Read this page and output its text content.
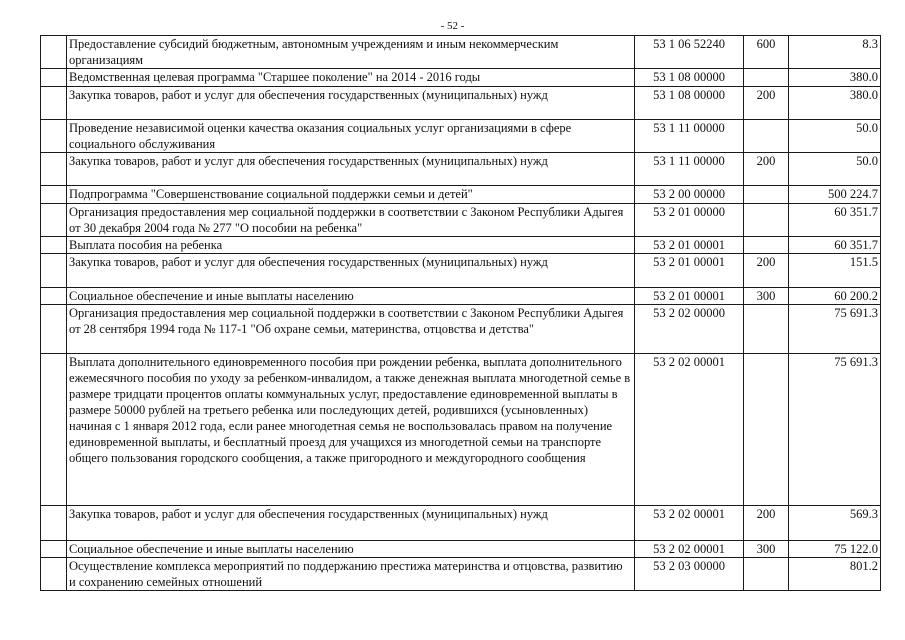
- 52 -
	Предоставление субсидий бюджетным, автономным учреждениям и иным некоммерческим организациям	53 1 06 52240	600	8.3
	Ведомственная целевая программа "Старшее поколение" на 2014 - 2016 годы	53 1 08 00000		380.0
	Закупка товаров, работ и услуг для обеспечения государственных (муниципальных) нужд	53 1 08 00000	200	380.0
	Проведение независимой оценки качества оказания социальных услуг организациями в сфере социального обслуживания	53 1 11 00000		50.0
	Закупка товаров, работ и услуг для обеспечения государственных (муниципальных) нужд	53 1 11 00000	200	50.0
	Подпрограмма "Совершенствование социальной поддержки семьи и детей"	53 2 00 00000		500 224.7
	Организация предоставления мер социальной поддержки в соответствии с Законом Республики Адыгея от 30 декабря 2004 года № 277 "О пособии на ребенка"	53 2 01 00000		60 351.7
	Выплата пособия на ребенка	53 2 01 00001		60 351.7
	Закупка товаров, работ и услуг для обеспечения государственных (муниципальных) нужд	53 2 01 00001	200	151.5
	Социальное обеспечение и иные выплаты населению	53 2 01 00001	300	60 200.2
	Организация предоставления мер социальной поддержки в соответствии с Законом Республики Адыгея от 28 сентября 1994 года № 117-1 "Об охране семьи, материнства, отцовства и детства"	53 2 02 00000		75 691.3
	Выплата дополнительного единовременного пособия при рождении ребенка, выплата дополнительного ежемесячного пособия по уходу за ребенком-инвалидом, а также денежная выплата многодетной семье в размере тридцати процентов оплаты коммунальных услуг, предоставление единовременной выплаты в размере 50000 рублей на третьего ребенка или последующих детей, родившихся (усыновленных) начиная с 1 января 2012 года, если ранее многодетная семья не воспользовалась правом на получение единовременной выплаты, и бесплатный проезд для учащихся из многодетной семьи на транспорте общего пользования городского сообщения, а также пригородного и междугородного сообщения	53 2 02 00001		75 691.3
	Закупка товаров, работ и услуг для обеспечения государственных (муниципальных) нужд	53 2 02 00001	200	569.3
	Социальное обеспечение и иные выплаты населению	53 2 02 00001	300	75 122.0
	Осуществление комплекса мероприятий по поддержанию престижа материнства и отцовства, развитию и сохранению семейных отношений	53 2 03 00000		801.2
